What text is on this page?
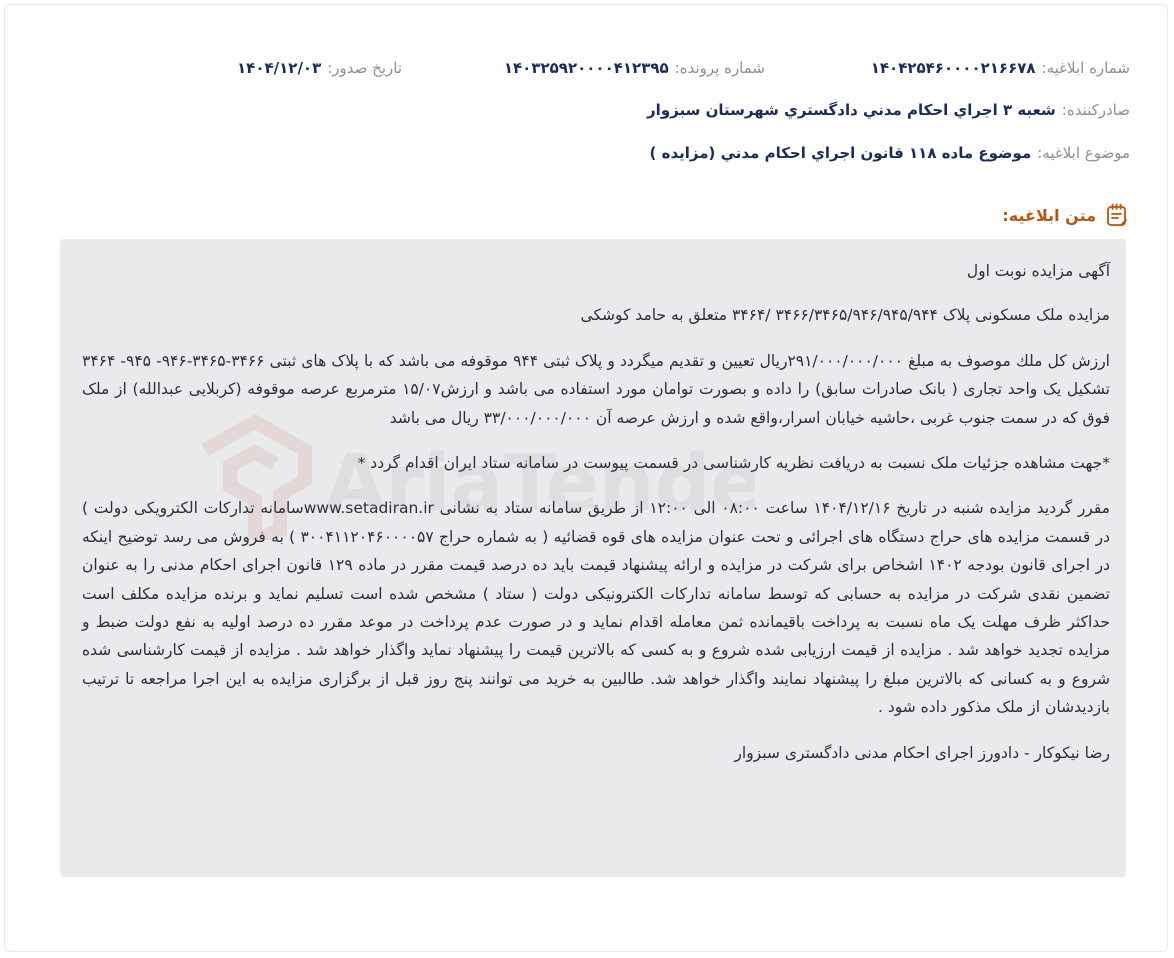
شماره ابلاغیه:
۱۴۰۴۲۵۴۶۰۰۰۰۲۱۶۶۷۸
شماره پرونده:
۱۴۰۳۲۵۹۲۰۰۰۰۴۱۲۳۹۵
تاریخ صدور:
۱۴۰۴/۱۲/۰۳
صادرکننده:
شعبه ۳ اجراي احكام مدني دادگستري شهرستان سبزوار
موضوع ابلاغیه:
موضوع ماده ۱۱۸ قانون اجراي احكام مدني (مزايده )
متن ابلاغیه:

آگهی مزایده نوبت اول

مزایده ملک مسکونی پلاک ۳۴۶۶/۳۴۶۵/۹۴۶/۹۴۵/۹۴۴ /۳۴۶۴ متعلق به حامد کوشکی

ارزش کل ملك موصوف به مبلغ ۲۹۱/۰۰۰/۰۰۰/۰۰۰ریال تعیین و تقدیم میگردد و پلاک ثبتی ۹۴۴ موقوفه می باشد که با پلاک های ثبتی ۳۴۶۶-۳۴۶۵-۹۴۶- ۹۴۵- ۳۴۶۴ تشکیل یک واحد تجاری ( بانک صادرات سابق) را داده و بصورت توامان مورد استفاده می باشد و ارزش۱۵/۰۷ مترمربع عرصه موقوفه (کربلایی عبدالله) از ملک فوق که در سمت جنوب غربی ،حاشیه خیابان اسرار،واقع شده و ارزش عرصه آن ۳۳/۰۰۰/۰۰۰/۰۰۰ ریال می باشد

*جهت مشاهده جزئیات ملک نسبت به دریافت نظریه کارشناسی در قسمت پیوست در سامانه ستاد ایران اقدام گردد *

مقرر گردید مزایده شنبه در تاریخ ۱۴۰۴/۱۲/۱۶ ساعت ۰۸:۰۰ الی ۱۲:۰۰ از طریق سامانه ستاد به نشانی www.setadiran.irسامانه تدارکات الکترویکی دولت ) در قسمت مزایده های حراج دستگاه های اجرائی و تحت عنوان مزایده های قوه قضائیه ( به شماره حراج ۳۰۰۴۱۱۲۰۴۶۰۰۰۰۵۷ ) به فروش می رسد توضیح اینکه در اجرای قانون بودجه ۱۴۰۲ اشخاص برای شرکت در مزایده و ارائه پیشنهاد قیمت باید ده درصد قیمت مقرر در ماده ۱۲۹ قانون اجرای احکام مدنی را به عنوان تضمین نقدی شرکت در مزایده به حسابی که توسط سامانه تدارکات الکترونیکی دولت ( ستاد ) مشخص شده است تسلیم نماید و برنده مزایده مکلف است حداکثر ظرف مهلت یک ماه نسبت به پرداخت باقیمانده ثمن معامله اقدام نماید و در صورت عدم پرداخت در موعد مقرر ده درصد اولیه به نفع دولت ضبط و مزایده تجدید خواهد شد . مزایده از قیمت ارزیابی شده شروع و به کسی که بالاترین قیمت را پیشنهاد نماید واگذار خواهد شد . مزایده از قیمت کارشناسی شده شروع و به کسانی که بالاترین مبلغ را پیشنهاد نمایند واگذار خواهد شد. طالبین به خرید می توانند پنج روز قبل از برگزاری مزایده به این اجرا مراجعه تا ترتیب بازدیدشان از ملک مذکور داده شود .

رضا نیکوکار - دادورز اجرای احکام مدنی دادگستری سبزوار
